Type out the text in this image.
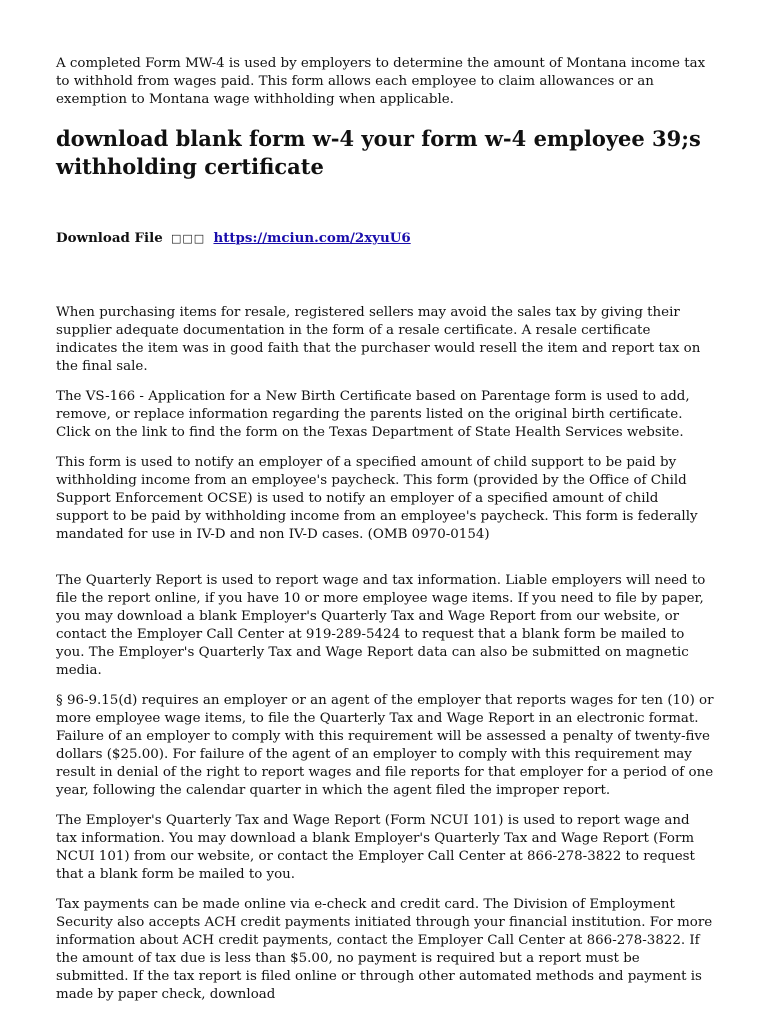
A completed Form MW-4 is used by employers to determine the amount of Montana income tax to withhold from wages paid. This form allows each employee to claim allowances or an exemption to Montana wage withholding when applicable.

download blank form w-4 your form w-4 employee 39;s withholding certificate
Download File □□□ https://mciun.com/2xyuU6

When purchasing items for resale, registered sellers may avoid the sales tax by giving their supplier adequate documentation in the form of a resale certificate. A resale certificate indicates the item was in good faith that the purchaser would resell the item and report tax on the final sale.

The VS-166 - Application for a New Birth Certificate based on Parentage form is used to add, remove, or replace information regarding the parents listed on the original birth certificate. Click on the link to find the form on the Texas Department of State Health Services website.

This form is used to notify an employer of a specified amount of child support to be paid by withholding income from an employee's paycheck. This form (provided by the Office of Child Support Enforcement OCSE) is used to notify an employer of a specified amount of child support to be paid by withholding income from an employee's paycheck. This form is federally mandated for use in IV-D and non IV-D cases. (OMB 0970-0154)

The Quarterly Report is used to report wage and tax information. Liable employers will need to file the report online, if you have 10 or more employee wage items. If you need to file by paper, you may download a blank Employer's Quarterly Tax and Wage Report from our website, or contact the Employer Call Center at 919-289-5424 to request that a blank form be mailed to you. The Employer's Quarterly Tax and Wage Report data can also be submitted on magnetic media.

§ 96-9.15(d) requires an employer or an agent of the employer that reports wages for ten (10) or more employee wage items, to file the Quarterly Tax and Wage Report in an electronic format. Failure of an employer to comply with this requirement will be assessed a penalty of twenty-five dollars ($25.00). For failure of the agent of an employer to comply with this requirement may result in denial of the right to report wages and file reports for that employer for a period of one year, following the calendar quarter in which the agent filed the improper report.

The Employer's Quarterly Tax and Wage Report (Form NCUI 101) is used to report wage and tax information. You may download a blank Employer's Quarterly Tax and Wage Report (Form NCUI 101) from our website, or contact the Employer Call Center at 866-278-3822 to request that a blank form be mailed to you.

Tax payments can be made online via e-check and credit card. The Division of Employment Security also accepts ACH credit payments initiated through your financial institution. For more information about ACH credit payments, contact the Employer Call Center at 866-278-3822. If the amount of tax due is less than $5.00, no payment is required but a report must be submitted. If the tax report is filed online or through other automated methods and payment is made by paper check, download
